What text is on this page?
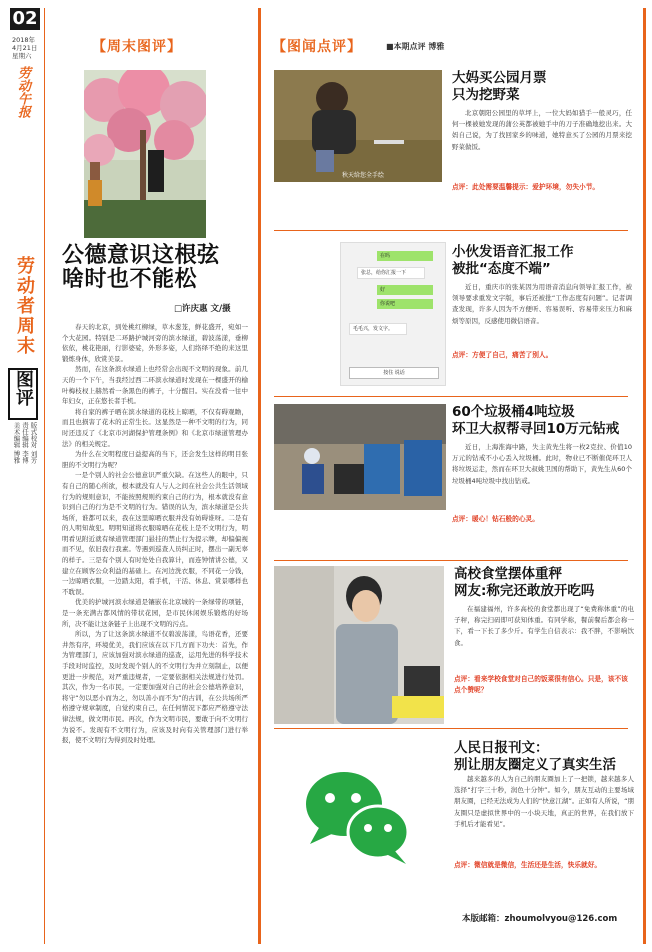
02
2018年
4月21日
星期六
劳动午报
劳动者周末
图评
版式校对 刘芳
责任编辑 李博
美术编辑 博雅
【周末图评】
公德意识这根弦
啥时也不能松
□许庆惠 文/摄

春天的北京，到处桃红柳绿，草木葱茏，鲜花盛开，宛如一个大花园。特别是二环路护城河旁的滨水绿道，碧波荡漾，垂柳依依，桃花艳丽，行影婆娑，外形多姿，人们络绎不绝的来这里锻炼身体，欣赏美景。

然而，在这条滨水绿道上也经常会出现不文明的现象。前几天的一个下午，当我经过西二环滨水绿道时发现在一棵盛开的榆叶梅枝杈上赫然看一条黑色的裤子，十分醒目。实在没看一往中年妇女，正在悠长者手机。

将自家的裤子晒在滨水绿道的花枝上晾晒，不仅有碍观瞻，而且也损害了花木的正常生长。这显然是一种不文明的行为，同时还违反了《北京市河湖保护管理条例》和《北京市绿道管理办法》的相关规定。

为什么在文明程度日益提高的当下，还会发生这样的明目张胆的不文明行为呢？

一是个别人的社会公德意识严重欠缺。在这些人的眼中，只有自己的随心所欲，根本就没有人与人之间在社会公共生活领域行为的规则意识，不能按照规则约束自己的行为，根本就没有意识到自己的行为是不文明的行为。错误的认为，滨水绿道是公共场所，谁都可以来，我在这里晾晒衣服并没有妨碍谁呀。二是有的人明知故犯。明明知道将衣服晾晒在花枝上是不文明行为，明明看见附近就有绿道管理部门悬挂的禁止行为提示牌，却偏偏视而不见，依旧我行我素。等遇到巡查人员纠正时，摆出一副无辜的样子。三是有个别人有时处处自我算计，而连钟情讲公德，又建立在顾客公众利益的基础上。在河边洗衣服，不同花一分钱，一边晾晒衣服，一边踏太阳，看手机，干活、休息、赏景哪样也不耽误。

优美的护城河滨水绿道是镶嵌在北京城的一条绿带的项链，是一条充满古都风情的带状花园，是市民休闲娱乐锻炼的好场所，决不能让这条链子上出现不文明的污点。

所以，为了让这条滨水绿道不仅碧波荡漾，鸟语花香，还要井然有序，环境优美，我们应该在以下几方面下功夫：首先，作为管理部门，应该加强对滨水绿道的巡查，运用先进的科学技术手段对时监控，及时发现个别人的不文明行为并立刻制止，以便更进一步规范，对严重违规者，一定要依据相关法规进行处罚。其次，作为一名市民，一定要加强对自己的社会公德培养意识，将守“勿以恶小而为之，勿以善小而不为”的古训，在公共场所严格遵守规章制度，自觉约束自己，在任何情况下都应严格遵守法律法规，做文明市民。再次，作为文明市民，要敢于向不文明行为说不。发现有不文明行为，应该及时向有关管理部门进行举报，使不文明行为得到及时处理。

【图闻点评】	■本期点评 博雅
秋天给您全手绘
大妈买公园月票
只为挖野菜
北京朝阳公园里的草坪上，一位大妈如猎手一般灵巧，任何一棵被她发现的蒲公英都被她手中的刀子准确地挖出来。大妈自己说，为了找回家乡的味道，她特意买了公园的月票来挖野菜做饭。
点评：此处需要温馨提示：爱护环境，勿失小节。
在吗
张总，给你汇报一下
好
你说吧
毛毛兴，发文字。
按住 说话
小伙发语音汇报工作
被批“态度不端”
近日，重庆市的张某因为用语音消息向领导汇报工作，被领导要求重发文字版，事后还被批“工作态度有问题”。记者调查发现，许多人因为不方便听、容易误听、容易带来压力和麻烦等原因，反感使用微信语音。
点评：方便了自己，痛苦了别人。
60个垃圾桶4吨垃圾
环卫大叔帮寻回10万元钻戒
近日，上海淮海中路，失主黄先生将一枚2克拉、价值10万元的钻戒不小心丢入垃圾桶。此时，物业已不断催促环卫人将垃圾运走，然而在环卫大叔姚卫国的帮助下，黄先生从60个垃圾桶4吨垃圾中找出钻戒。
点评：暖心！钻石般的心灵。
高校食堂摆体重秤
网友:称完还敢放开吃吗
在福建福州，许多高校的食堂都出现了“免费称体重”的电子秤，称完扫码即可获知体重。有同学称，餐前餐后都会称一下，看一下长了多少斤。有学生自信表示：我不胖，不影响饮食。
点评：看来学校食堂对自己的饭菜很有信心。只是，该不该点个赞呢？
人民日报刊文：
别让朋友圈定义了真实生活
越来越多的人为自己的朋友圈加上了一把锁，越来越多人选择“打字三十秒，润色十分钟”。如今，朋友互动的主要场域朋友圈，已经无法成为人们的“快意江湖”。正如有人所说，“朋友圈只是虚拟世界中的一小块天地，真正的世界，在我们放下手机后才能看见”。
点评：微信就是微信，生活还是生活，快乐就好。
本版邮箱：zhoumolvyou@126.com
